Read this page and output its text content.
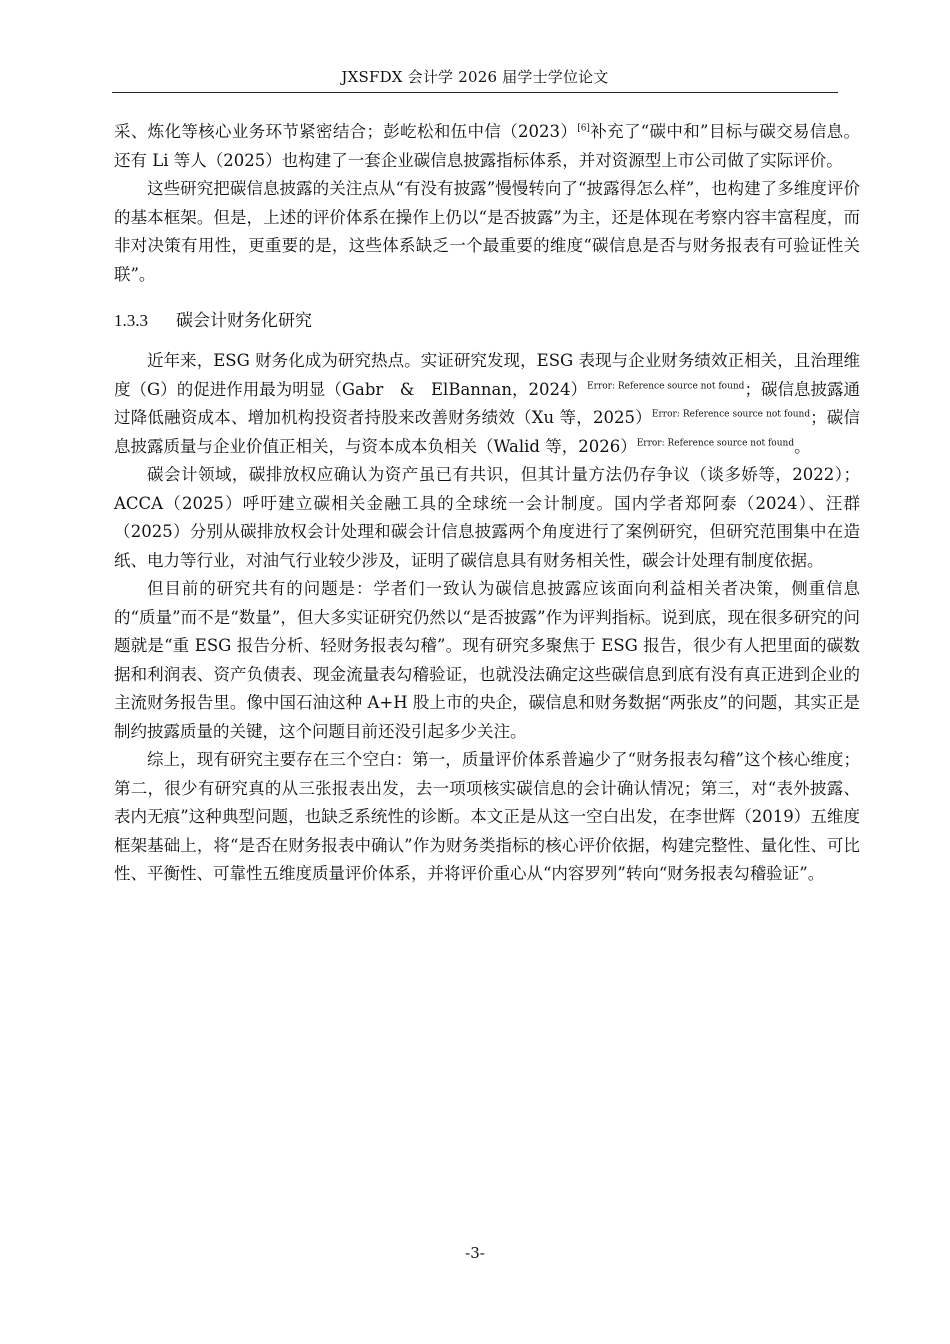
JXSFDX 会计学 2026 届学士学位论文

采、炼化等核心业务环节紧密结合；彭屹松和伍中信（2023）[6]补充了“碳中和”目标与碳交易信息。还有 Li 等人（2025）也构建了一套企业碳信息披露指标体系，并对资源型上市公司做了实际评价。

这些研究把碳信息披露的关注点从“有没有披露”慢慢转向了“披露得怎么样”，也构建了多维度评价的基本框架。但是，上述的评价体系在操作上仍以“是否披露”为主，还是体现在考察内容丰富程度，而非对决策有用性，更重要的是，这些体系缺乏一个最重要的维度“碳信息是否与财务报表有可验证性关联”。

1.3.3 碳会计财务化研究

近年来，ESG 财务化成为研究热点。实证研究发现，ESG 表现与企业财务绩效正相关，且治理维度（G）的促进作用最为明显（Gabr　&　ElBannan，2024）$^{Error: Reference source not found}$；碳信息披露通过降低融资成本、增加机构投资者持股来改善财务绩效（Xu 等，2025）$^{Error: Reference source not found}$；碳信息披露质量与企业价值正相关，与资本成本负相关（Walid 等，2026）$^{Error: Reference source not found}$。

碳会计领域，碳排放权应确认为资产虽已有共识，但其计量方法仍存争议（谈多娇等，2022）；ACCA（2025）呼吁建立碳相关金融工具的全球统一会计制度。国内学者郑阿泰（2024）、汪群（2025）分别从碳排放权会计处理和碳会计信息披露两个角度进行了案例研究，但研究范围集中在造纸、电力等行业，对油气行业较少涉及，证明了碳信息具有财务相关性，碳会计处理有制度依据。

但目前的研究共有的问题是：学者们一致认为碳信息披露应该面向利益相关者决策，侧重信息的“质量”而不是“数量”，但大多实证研究仍然以“是否披露”作为评判指标。说到底，现在很多研究的问题就是“重 ESG 报告分析、轻财务报表勾稽”。现有研究多聚焦于 ESG 报告，很少有人把里面的碳数据和利润表、资产负债表、现金流量表勾稽验证，也就没法确定这些碳信息到底有没有真正进到企业的主流财务报告里。像中国石油这种 A+H 股上市的央企，碳信息和财务数据“两张皮”的问题，其实正是制约披露质量的关键，这个问题目前还没引起多少关注。

综上，现有研究主要存在三个空白：第一，质量评价体系普遍少了“财务报表勾稽”这个核心维度；第二，很少有研究真的从三张报表出发，去一项项核实碳信息的会计确认情况；第三，对“表外披露、表内无痕”这种典型问题，也缺乏系统性的诊断。本文正是从这一空白出发，在李世辉（2019）五维度框架基础上，将“是否在财务报表中确认”作为财务类指标的核心评价依据，构建完整性、量化性、可比性、平衡性、可靠性五维度质量评价体系，并将评价重心从“内容罗列”转向“财务报表勾稽验证”。

-3-
